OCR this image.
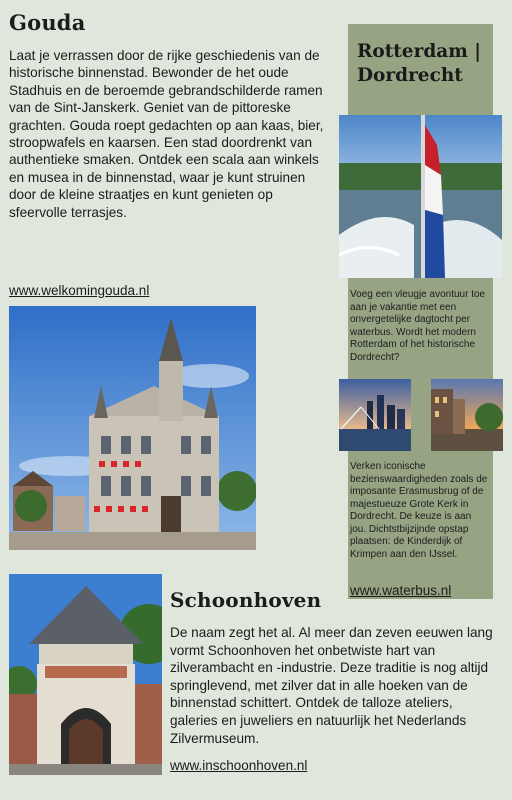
Gouda
Laat je verrassen door de rijke geschiedenis van de historische binnenstad. Bewonder de het oude Stadhuis en de beroemde gebrandschilderde ramen van de Sint-Janskerk. Geniet van de pittoreske grachten. Gouda roept gedachten op aan kaas, bier, stroopwafels en kaarsen. Een stad doordrenkt van authentieke smaken. Ontdek een scala aan winkels en musea in de binnenstad, waar je kunt struinen door de kleine straatjes en kunt genieten op sfeervolle terrasjes.
www.welkomingouda.nl
Rotterdam | Dordrecht
Voeg een vleugje avontuur toe aan je vakantie met een onvergetelijke dagtocht per waterbus. Wordt het modern Rotterdam of het historische Dordrecht?
Verken iconische bezienswaardigheden zoals de imposante Erasmusbrug of de majestueuze Grote Kerk in Dordrecht. De keuze is aan jou. Dichtstbijzijnde opstap plaatsen: de Kinderdijk of Krimpen aan den IJssel.
www.waterbus.nl
Schoonhoven
De naam zegt het al. Al meer dan zeven eeuwen lang vormt Schoonhoven het onbetwiste hart van zilverambacht en -industrie. Deze traditie is nog altijd springlevend, met zilver dat in alle hoeken van de binnenstad schittert. Ontdek de talloze ateliers, galeries en juweliers en natuurlijk het Nederlands Zilvermuseum.
www.inschoonhoven.nl
